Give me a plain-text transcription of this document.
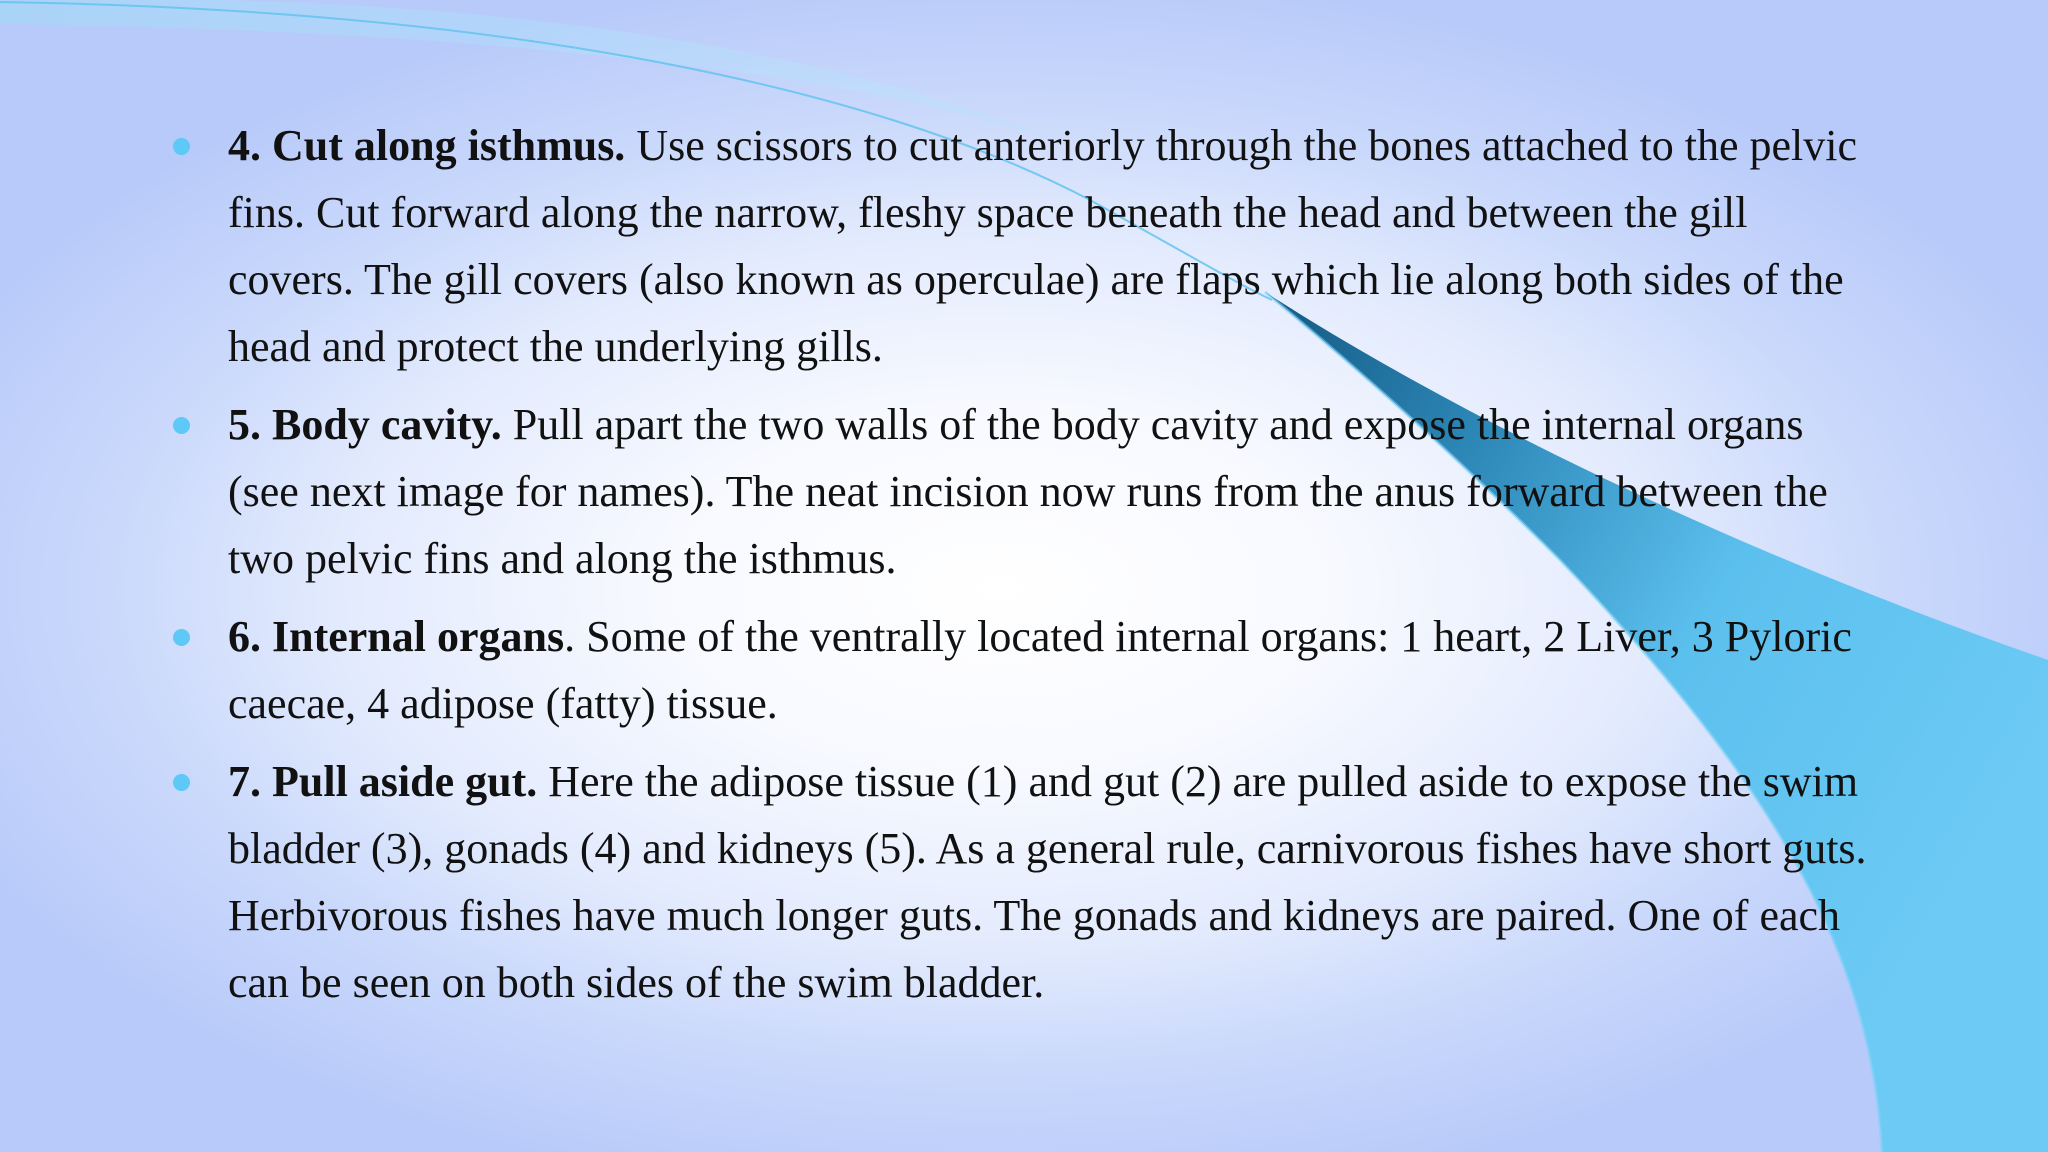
4. Cut along isthmus. Use scissors to cut anteriorly through the bones attached to the pelvic fins. Cut forward along the narrow, fleshy space beneath the head and between the gill covers. The gill covers (also known as operculae) are flaps which lie along both sides of the head and protect the underlying gills.
5. Body cavity. Pull apart the two walls of the body cavity and expose the internal organs (see next image for names). The neat incision now runs from the anus forward between the two pelvic fins and along the isthmus.
6. Internal organs. Some of the ventrally located internal organs: 1 heart, 2 Liver, 3 Pyloric caecae, 4 adipose (fatty) tissue.
7. Pull aside gut. Here the adipose tissue (1) and gut (2) are pulled aside to expose the swim bladder (3), gonads (4) and kidneys (5). As a general rule, carnivorous fishes have short guts. Herbivorous fishes have much longer guts. The gonads and kidneys are paired. One of each can be seen on both sides of the swim bladder.
